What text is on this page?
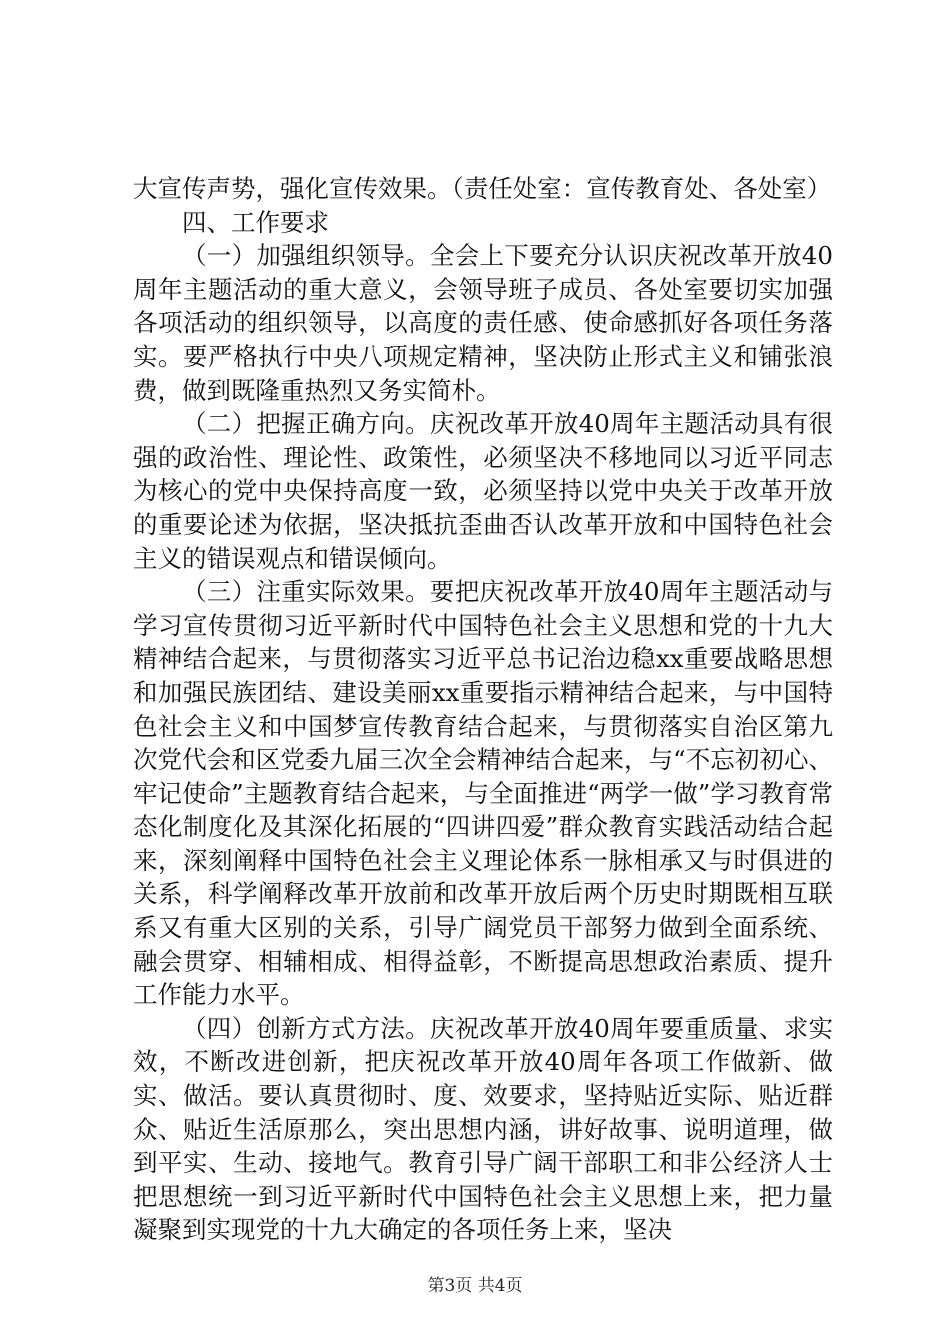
大宣传声势，强化宣传效果。（责任处室：宣传教育处、各处室）

四、工作要求

（一）加强组织领导。全会上下要充分认识庆祝改革开放40周年主题活动的重大意义，会领导班子成员、各处室要切实加强各项活动的组织领导，以高度的责任感、使命感抓好各项任务落实。要严格执行中央八项规定精神，坚决防止形式主义和铺张浪费，做到既隆重热烈又务实简朴。

（二）把握正确方向。庆祝改革开放40周年主题活动具有很强的政治性、理论性、政策性，必须坚决不移地同以习近平同志为核心的党中央保持高度一致，必须坚持以党中央关于改革开放的重要论述为依据，坚决抵抗歪曲否认改革开放和中国特色社会主义的错误观点和错误倾向。

（三）注重实际效果。要把庆祝改革开放40周年主题活动与学习宣传贯彻习近平新时代中国特色社会主义思想和党的十九大精神结合起来，与贯彻落实习近平总书记治边稳xx重要战略思想和加强民族团结、建设美丽xx重要指示精神结合起来，与中国特色社会主义和中国梦宣传教育结合起来，与贯彻落实自治区第九次党代会和区党委九届三次全会精神结合起来，与“不忘初初心、牢记使命”主题教育结合起来，与全面推进“两学一做”学习教育常态化制度化及其深化拓展的“四讲四爱”群众教育实践活动结合起来，深刻阐释中国特色社会主义理论体系一脉相承又与时俱进的关系，科学阐释改革开放前和改革开放后两个历史时期既相互联系又有重大区别的关系，引导广阔党员干部努力做到全面系统、融会贯穿、相辅相成、相得益彰，不断提高思想政治素质、提升工作能力水平。

（四）创新方式方法。庆祝改革开放40周年要重质量、求实效，不断改进创新，把庆祝改革开放40周年各项工作做新、做实、做活。要认真贯彻时、度、效要求，坚持贴近实际、贴近群众、贴近生活原那么，突出思想内涵，讲好故事、说明道理，做到平实、生动、接地气。教育引导广阔干部职工和非公经济人士把思想统一到习近平新时代中国特色社会主义思想上来，把力量凝聚到实现党的十九大确定的各项任务上来，坚决

第3页 共4页
